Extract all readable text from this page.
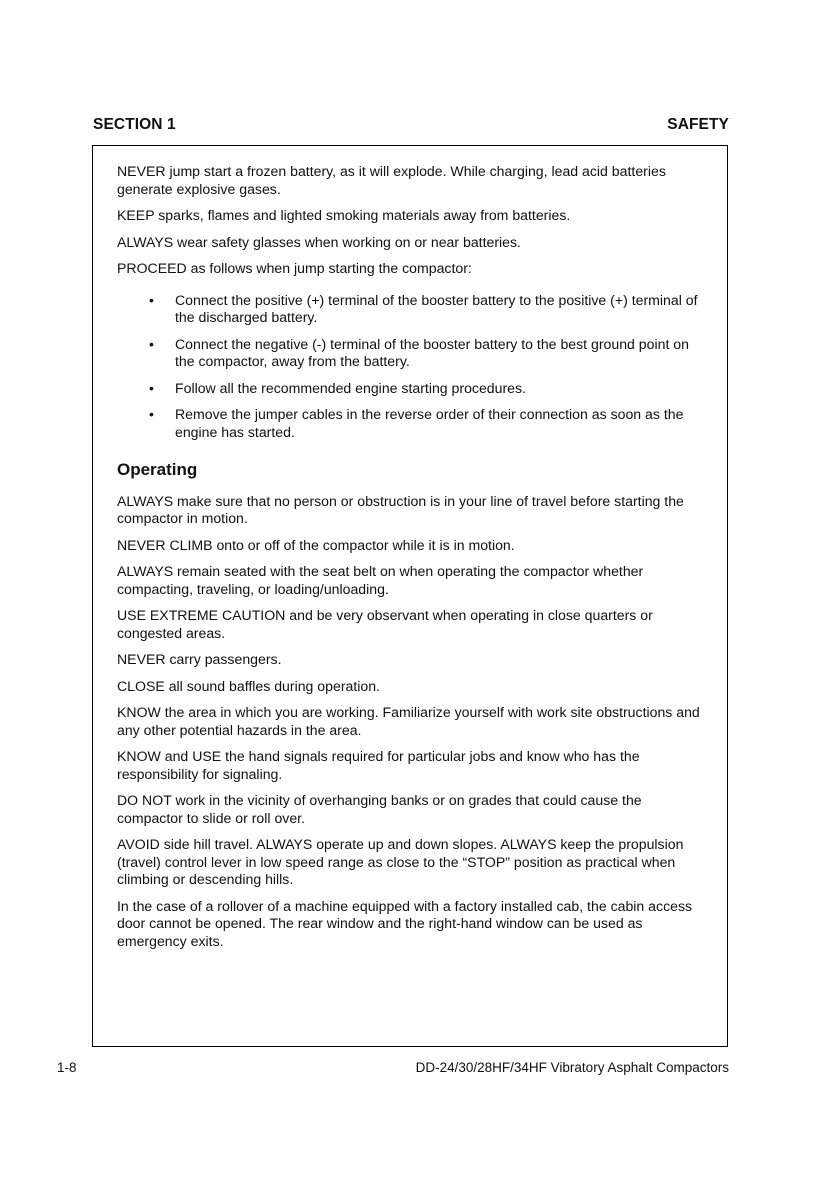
SECTION 1	SAFETY

NEVER jump start a frozen battery, as it will explode. While charging, lead acid batteries generate explosive gases.

KEEP sparks, flames and lighted smoking materials away from batteries.

ALWAYS wear safety glasses when working on or near batteries.

PROCEED as follows when jump starting the compactor:

• Connect the positive (+) terminal of the booster battery to the positive (+) terminal of the discharged battery.
• Connect the negative (-) terminal of the booster battery to the best ground point on the compactor, away from the battery.
• Follow all the recommended engine starting procedures.
• Remove the jumper cables in the reverse order of their connection as soon as the engine has started.
Operating

ALWAYS make sure that no person or obstruction is in your line of travel before starting the compactor in motion.

NEVER CLIMB onto or off of the compactor while it is in motion.

ALWAYS remain seated with the seat belt on when operating the compactor whether compacting, traveling, or loading/unloading.

USE EXTREME CAUTION and be very observant when operating in close quarters or congested areas.

NEVER carry passengers.

CLOSE all sound baffles during operation.

KNOW the area in which you are working. Familiarize yourself with work site obstructions and any other potential hazards in the area.

KNOW and USE the hand signals required for particular jobs and know who has the responsibility for signaling.

DO NOT work in the vicinity of overhanging banks or on grades that could cause the compactor to slide or roll over.

AVOID side hill travel. ALWAYS operate up and down slopes. ALWAYS keep the propulsion (travel) control lever in low speed range as close to the “STOP” position as practical when climbing or descending hills.

In the case of a rollover of a machine equipped with a factory installed cab, the cabin access door cannot be opened. The rear window and the right-hand window can be used as emergency exits.

1-8	DD-24/30/28HF/34HF Vibratory Asphalt Compactors
